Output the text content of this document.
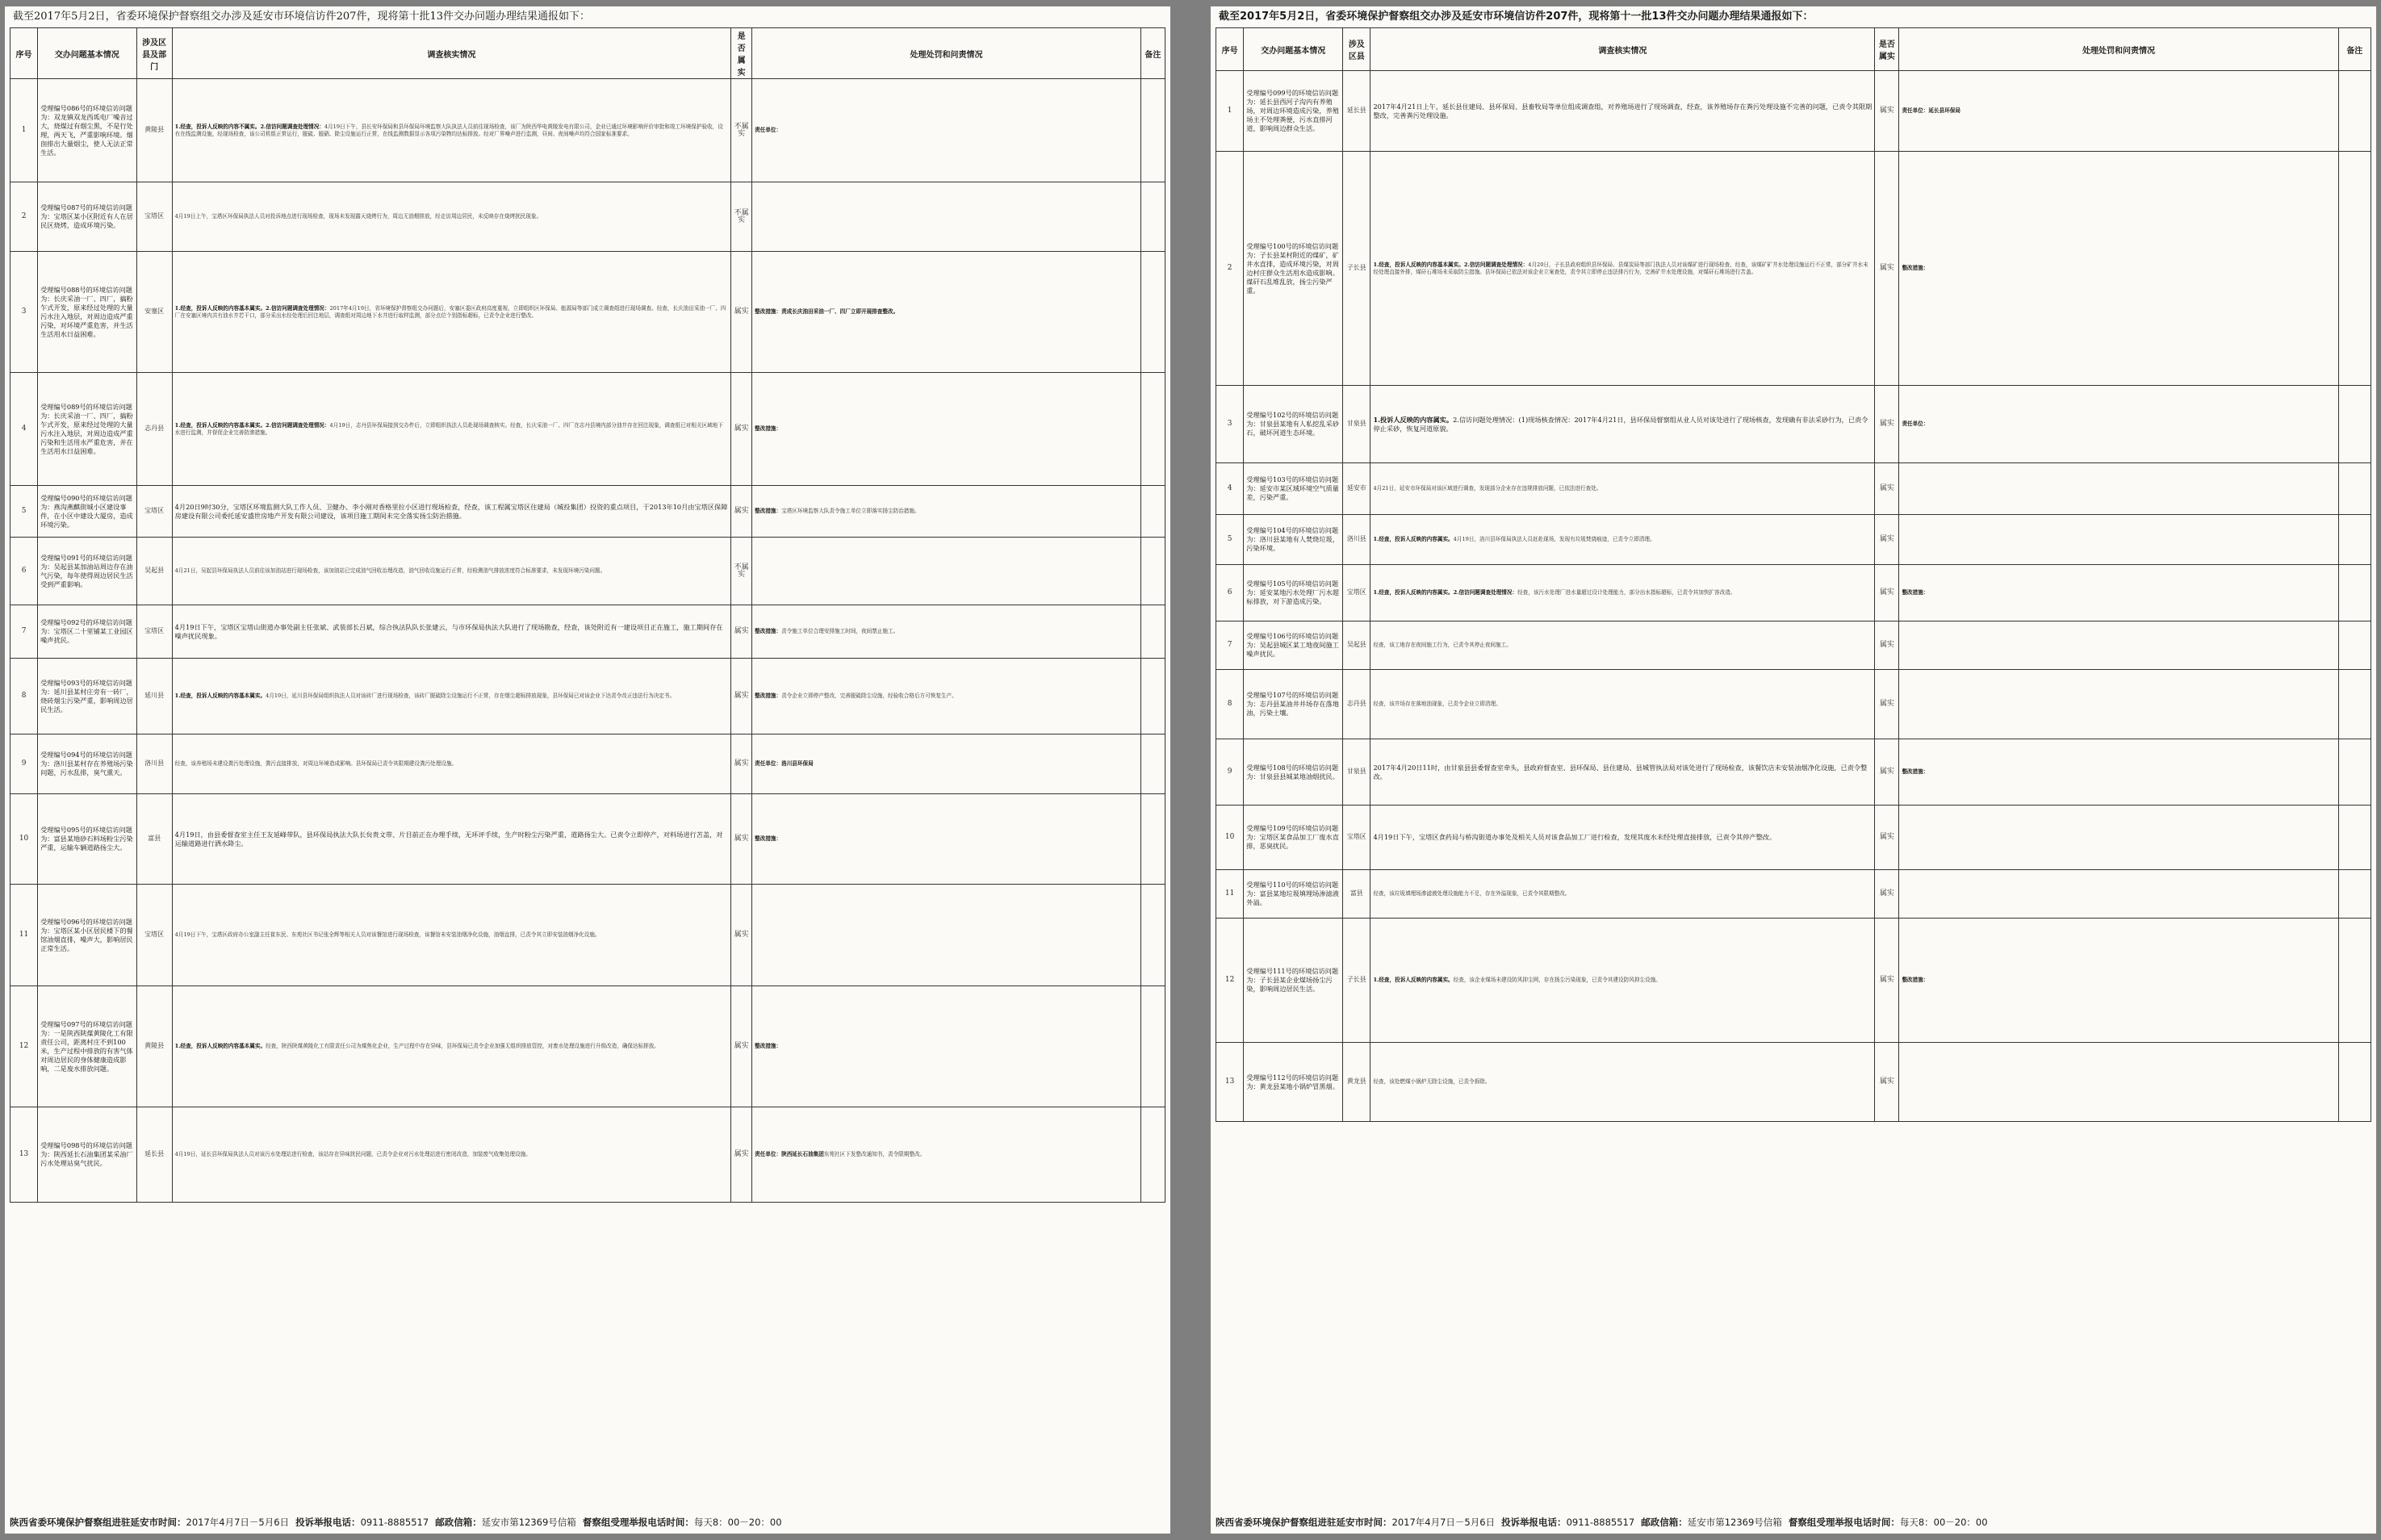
截至2017年5月2日，省委环境保护督察组交办涉及延安市环境信访件207件，现将第十批13件交办问题办理结果通报如下：
序号	交办问题基本情况	涉及区县及部门	调查核实情况	是否属实	处理处罚和问责情况	备注
1	受理编号086号的环境信访问题为：双龙镇双龙西坬电厂噪音过大，烧煤过有烟尘黑，不是行处理，两天飞，严重影响环境。烟囱排出大量烟尘，使人无法正常生活。	黄陵县	1.经查，投诉人反映的内容不属实。2.信访问题调查处理情况：4月19日下午，县长安环保局和县环保局环境监察大队执法人员前往现场检查，该厂为陕西华电黄陵发电有限公司，企业已通过环境影响评价审批和竣工环境保护验收，设有在线监测设施，经现场检查，该公司机组正常运行，脱硫、脱硝、除尘设施运行正常，在线监测数据显示各项污染物均达标排放。经对厂界噪声进行监测，昼间、夜间噪声均符合国家标准要求。	不属实	责任单位：	
2	受理编号087号的环境信访问题为：宝塔区某小区附近有人在居民区烧烤，造成环境污染。	宝塔区	4月19日上午，宝塔区环保局执法人员对投诉地点进行现场检查，现场未发现露天烧烤行为，周边无油烟排放，经走访周边居民，未反映存在烧烤扰民现象。	不属实		
3	受理编号088号的环境信访问题为：长庆采油一厂、四厂，搞粉乍式开发，原来经过处理的大量污水注入地层，对周边造成严重污染，对环境严重危害，并生活生活用水日益困难。	安塞区	1.经查，投诉人反映的内容基本属实。2.信访问题调查处理情况：2017年4月19日，省环境保护督察组交办问题后，安塞区委区政府高度重视，立即组织区环保局、能源局等部门成立调查组进行现场调查。经查，长庆油田采油一厂、四厂在安塞区境内共有油水井若干口，部分采出水经处理后回注地层，调查组对周边地下水井进行取样监测，部分点位个别指标超标，已责令企业进行整改。	属实	整改措施：责成长庆油田采油一厂、四厂立即开展排查整改。	
4	受理编号089号的环境信访问题为：长庆采油一厂、四厂，搞粉乍式开发，原来经过处理的大量污水注入地层，对周边造成严重污染和生活用水严重危害，并在生活用水日益困难。	志丹县	1.经查，投诉人反映的内容基本属实。2.信访问题调查处理情况：4月19日，志丹县环保局接到交办件后，立即组织执法人员赴现场调查核实。经查，长庆采油一厂、四厂在志丹县境内部分油井存在回注现象，调查组已对相关区域地下水进行监测，并督促企业完善防渗措施。	属实	整改措施：	
5	受理编号090号的环境信访问题为：燕沟燕麒街城小区建设事件，在小区中建设大厦房，造成环境污染。	宝塔区	4月20日9时30分，宝塔区环境监测大队工作人员、卫健办、李小刚对香格里拉小区进行现场检查，经查，该工程属宝塔区住建局（城投集团）投资的重点项目，于2013年10月由宝塔区保障房建设有限公司委托延安盛世房地产开发有限公司建设，该项目施工期间未完全落实扬尘防治措施。	属实	整改措施：宝塔区环境监察大队责令施工单位立即落实扬尘防治措施。	
6	受理编号091号的环境信访问题为：吴起县某加油站周边存在油气污染，每年使得周边居民生活受到严重影响。	吴起县	4月21日，吴起县环保局执法人员前往该加油站进行现场检查，该加油站已完成油气回收治理改造，油气回收设施运行正常，经检测油气排放浓度符合标准要求，未发现环境污染问题。	不属实		
7	受理编号092号的环境信访问题为：宝塔区二十里铺某工业园区噪声扰民。	宝塔区	4月19日下午，宝塔区宝塔山街道办事处副主任张斌、武装部长吕斌，综合执法队队长张建云，与市环保局执法大队进行了现场勘查，经查，该处附近有一建设项目正在施工，施工期间存在噪声扰民现象。	属实	整改措施：责令施工单位合理安排施工时间，夜间禁止施工。	
8	受理编号093号的环境信访问题为：延川县某村庄旁有一砖厂，烧砖烟尘污染严重，影响周边居民生活。	延川县	1.经查，投诉人反映的内容基本属实。4月19日，延川县环保局组织执法人员对该砖厂进行现场检查，该砖厂脱硫除尘设施运行不正常，存在烟尘超标排放现象，县环保局已对该企业下达责令改正违法行为决定书。	属实	整改措施：责令企业立即停产整改，完善脱硫除尘设施，经验收合格后方可恢复生产。	
9	受理编号094号的环境信访问题为：洛川县某村存在养殖场污染问题，污水乱排，臭气熏天。	洛川县	经查，该养殖场未建设粪污处理设施，粪污直接排放，对周边环境造成影响。县环保局已责令其限期建设粪污处理设施。	属实	责任单位：洛川县环保局	
10	受理编号095号的环境信访问题为：富县某地砂石料场粉尘污染严重，运输车辆道路扬尘大。	富县	4月19日，由县委督查室主任王友延峰带队，县环保局执法大队长贠贵文带、片目前正在办理手续，无环评手续，生产时粉尘污染严重，道路扬尘大。已责令立即停产，对料场进行苫盖，对运输道路进行洒水降尘。	属实	整改措施：	
11	受理编号096号的环境信访问题为：宝塔区某小区居民楼下的餐馆油烟直排，噪声大，影响居民正常生活。	宝塔区	4月19日下午，宝塔区政府办公室副主任崔东民、东苑社区书记张全辉等相关人员对该餐馆进行现场检查，该餐馆未安装油烟净化设施，油烟直排，已责令其立即安装油烟净化设施。	属实		
12	受理编号097号的环境信访问题为：一是陕西陕煤黄陵化工有限责任公司，距离村庄不到100米，生产过程中排放的有害气体对周边居民的身体健康造成影响，二是废水排放问题。	黄陵县	1.经查，投诉人反映的内容基本属实。经查，陕西陕煤黄陵化工有限责任公司为煤焦化企业，生产过程中存在异味，县环保局已责令企业加强无组织排放管控，对废水处理设施进行升级改造，确保达标排放。	属实	整改措施：	
13	受理编号098号的环境信访问题为：陕西延长石油集团某采油厂污水处理站臭气扰民。	延长县	4月19日，延长县环保局执法人员对该污水处理站进行检查，该站存在异味扰民问题，已责令企业对污水处理站进行密闭改造，加装废气收集处理设施。	属实	责任单位：陕西延长石油集团东苑社区下发整改通知书，责令限期整改。	
陕西省委环境保护督察组进驻延安市时间：2017年4月7日－5月6日 投诉举报电话：0911-8885517 邮政信箱：延安市第12369号信箱 督察组受理举报电话时间：每天8：00－20：00
截至2017年5月2日，省委环境保护督察组交办涉及延安市环境信访件207件，现将第十一批13件交办问题办理结果通报如下：
序号	交办问题基本情况	涉及区县	调查核实情况	是否属实	处理处罚和问责情况	备注
1	受理编号099号的环境信访问题为：延长县西河子沟内有养殖场，对周边环境造成污染，养殖场主不处理粪便，污水直排河道，影响周边群众生活。	延长县	2017年4月21日上午，延长县住建局、县环保局、县畜牧局等单位组成调查组，对养殖场进行了现场调查，经查，该养殖场存在粪污处理设施不完善的问题，已责令其限期整改，完善粪污处理设施。	属实	责任单位：延长县环保局	
2	受理编号100号的环境信访问题为：子长县某村附近的煤矿，矿井水直排，造成环境污染，对周边村庄群众生活用水造成影响。煤矸石乱堆乱放，扬尘污染严重。	子长县	1.经查，投诉人反映的内容基本属实。2.信访问题调查处理情况：4月20日，子长县政府组织县环保局、县煤炭局等部门执法人员对该煤矿进行现场检查，经查，该煤矿矿井水处理设施运行不正常，部分矿井水未经处理直接外排，煤矸石堆场未采取防尘措施。县环保局已依法对该企业立案查处，责令其立即停止违法排污行为，完善矿井水处理设施，对煤矸石堆场进行苫盖。	属实	整改措施：	
3	受理编号102号的环境信访问题为：甘泉县某地有人私挖乱采砂石，破坏河道生态环境。	甘泉县	1.投诉人反映的内容属实。2.信访问题处理情况：(1)现场核查情况：2017年4月21日，县环保局督察组从业人员对该处进行了现场核查，发现确有非法采砂行为，已责令停止采砂，恢复河道原貌。	属实	责任单位：	
4	受理编号103号的环境信访问题为：延安市某区域环境空气质量差，污染严重。	延安市	4月21日，延安市环保局对该区域进行调查，发现部分企业存在违规排放问题，已依法进行查处。	属实		
5	受理编号104号的环境信访问题为：洛川县某地有人焚烧垃圾，污染环境。	洛川县	1.经查，投诉人反映的内容属实。4月19日，洛川县环保局执法人员赶赴现场，发现有垃圾焚烧痕迹，已责令立即清理。	属实		
6	受理编号105号的环境信访问题为：延安某地污水处理厂污水超标排放，对下游造成污染。	宝塔区	1.经查，投诉人反映的内容属实。2.信访问题调查处理情况：经查，该污水处理厂进水量超过设计处理能力，部分出水指标超标，已责令其加快扩容改造。	属实	整改措施：	
7	受理编号106号的环境信访问题为：吴起县城区某工地夜间施工噪声扰民。	吴起县	经查，该工地存在夜间施工行为，已责令其停止夜间施工。	属实		
8	受理编号107号的环境信访问题为：志丹县某油井井场存在落地油，污染土壤。	志丹县	经查，该井场存在落地油现象，已责令企业立即清理。	属实		
9	受理编号108号的环境信访问题为：甘泉县县城某地油烟扰民。	甘泉县	2017年4月20日11时，由甘泉县县委督查室牵头，县政府督查室、县环保局、县住建局、县城管执法局对该处进行了现场检查，该餐饮店未安装油烟净化设施，已责令整改。	属实	整改措施：	
10	受理编号109号的环境信访问题为：宝塔区某食品加工厂废水直排，恶臭扰民。	宝塔区	4月19日下午，宝塔区食药局与桥沟街道办事处及相关人员对该食品加工厂进行检查，发现其废水未经处理直接排放，已责令其停产整改。	属实		
11	受理编号110号的环境信访问题为：富县某地垃圾填埋场渗滤液外溢。	富县	经查，该垃圾填埋场渗滤液处理设施能力不足，存在外溢现象，已责令其限期整改。	属实		
12	受理编号111号的环境信访问题为：子长县某企业煤场扬尘污染，影响周边居民生活。	子长县	1.经查，投诉人反映的内容属实。经查，该企业煤场未建设防风抑尘网，存在扬尘污染现象，已责令其建设防风抑尘设施。	属实	整改措施：	
13	受理编号112号的环境信访问题为：黄龙县某地小锅炉冒黑烟。	黄龙县	经查，该处燃煤小锅炉无除尘设施，已责令拆除。	属实		
陕西省委环境保护督察组进驻延安市时间：2017年4月7日－5月6日 投诉举报电话：0911-8885517 邮政信箱：延安市第12369号信箱 督察组受理举报电话时间：每天8：00－20：00
